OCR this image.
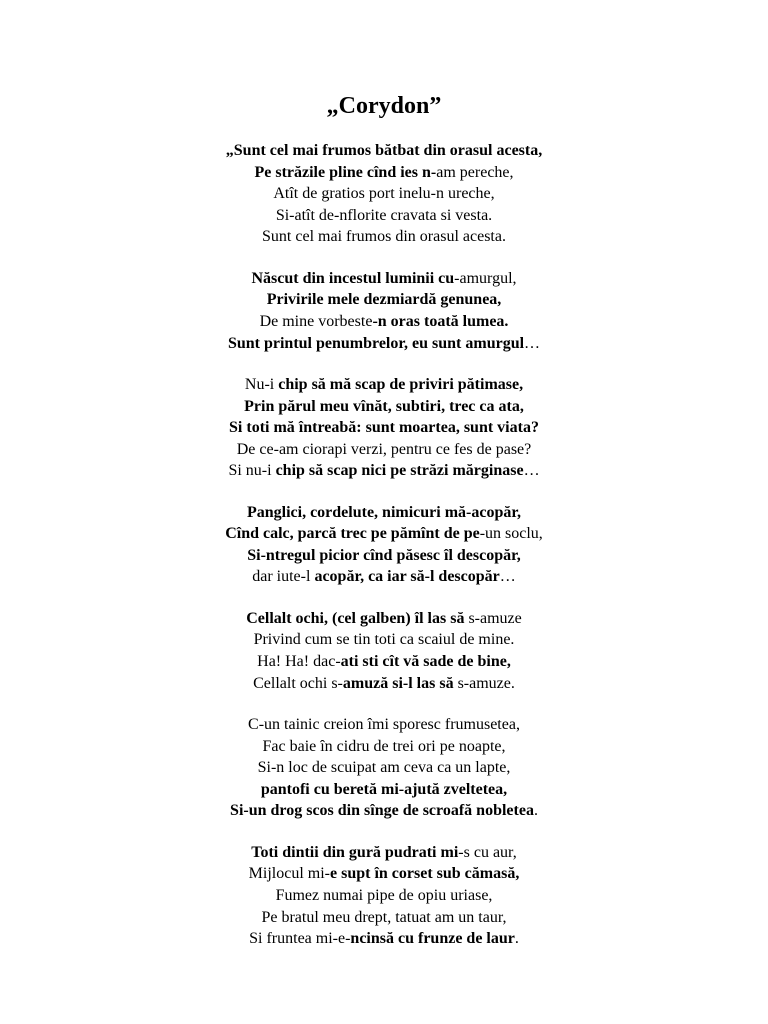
„Corydon”
„Sunt cel mai frumos bătbat din orasul acesta,
Pe străzile pline cînd ies n-am pereche,
Atît de gratios port inelu-n ureche,
Si-atît de-nflorite cravata si vesta.
Sunt cel mai frumos din orasul acesta.
Născut din incestul luminii cu-amurgul,
Privirile mele dezmiardă genunea,
De mine vorbeste-n oras toată lumea.
Sunt printul penumbrelor, eu sunt amurgul…
Nu-i chip să mă scap de priviri pătimase,
Prin părul meu vînăt, subtiri, trec ca ata,
Si toti mă întreabă: sunt moartea, sunt viata?
De ce-am ciorapi verzi, pentru ce fes de pase?
Si nu-i chip să scap nici pe străzi mărginase…
Panglici, cordelute, nimicuri mă-acopăr,
Cînd calc, parcă trec pe pămînt de pe-un soclu,
Si-ntregul picior cînd păsesc îl descopăr,
dar iute-l acopăr, ca iar să-l descopăr…
Cellalt ochi, (cel galben) îl las să s-amuze
Privind cum se tin toti ca scaiul de mine.
Ha! Ha! dac-ati sti cît vă sade de bine,
Cellalt ochi s-amuză si-l las să s-amuze.
C-un tainic creion îmi sporesc frumusetea,
Fac baie în cidru de trei ori pe noapte,
Si-n loc de scuipat am ceva ca un lapte,
pantofi cu beretă mi-ajută zveltetea,
Si-un drog scos din sînge de scroafă nobletea.
Toti dintii din gură pudrati mi-s cu aur,
Mijlocul mi-e supt în corset sub cămasă,
Fumez numai pipe de opiu uriase,
Pe bratul meu drept, tatuat am un taur,
Si fruntea mi-e-ncinsă cu frunze de laur.
